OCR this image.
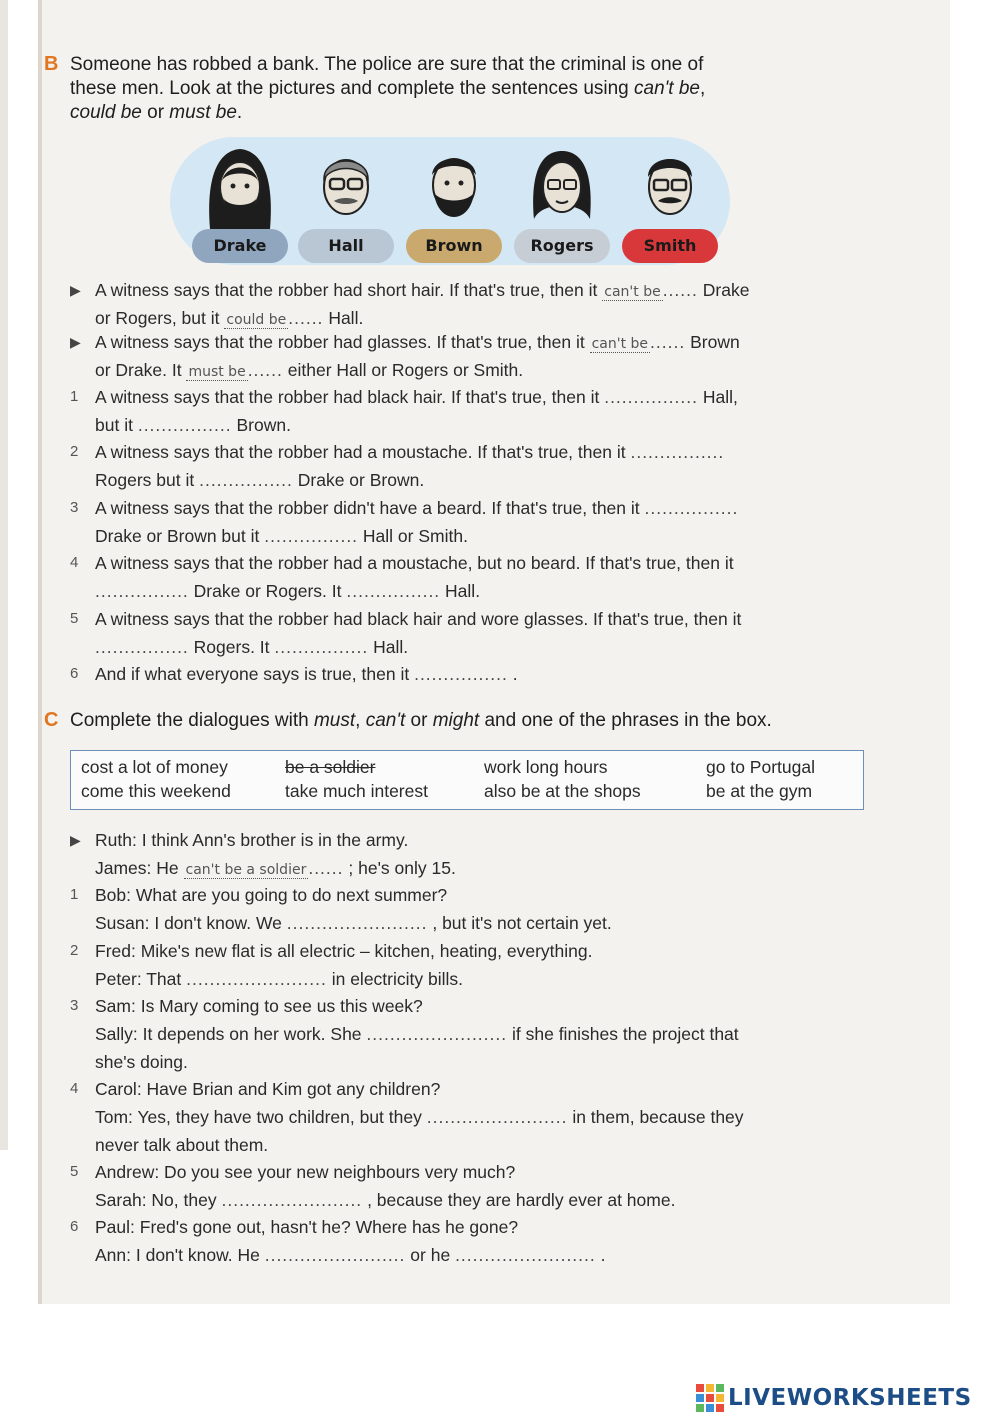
B Someone has robbed a bank. The police are sure that the criminal is one of
these men. Look at the pictures and complete the sentences using can't be,
could be or must be.
Drake	Hall	Brown	Rogers	Smith
▶ A witness says that the robber had short hair. If that's true, then it can't be ...... Drake
or Rogers, but it could be ...... Hall.
▶ A witness says that the robber had glasses. If that's true, then it can't be ...... Brown
or Drake. It must be ...... either Hall or Rogers or Smith.
1 A witness says that the robber had black hair. If that's true, then it ................ Hall,
but it ................ Brown.
2 A witness says that the robber had a moustache. If that's true, then it ................
Rogers but it ................ Drake or Brown.
3 A witness says that the robber didn't have a beard. If that's true, then it ................
Drake or Brown but it ................ Hall or Smith.
4 A witness says that the robber had a moustache, but no beard. If that's true, then it
................ Drake or Rogers. It ................ Hall.
5 A witness says that the robber had black hair and wore glasses. If that's true, then it
................ Rogers. It ................ Hall.
6 And if what everyone says is true, then it ................ .
C Complete the dialogues with must, can't or might and one of the phrases in the box.
cost a lot of money	be a soldier	work long hours	go to Portugal
come this weekend	take much interest	also be at the shops	be at the gym
▶ Ruth: I think Ann's brother is in the army.
James: He can't be a soldier ...... ; he's only 15.
1 Bob: What are you going to do next summer?
Susan: I don't know. We ........................ , but it's not certain yet.
2 Fred: Mike's new flat is all electric – kitchen, heating, everything.
Peter: That ........................ in electricity bills.
3 Sam: Is Mary coming to see us this week?
Sally: It depends on her work. She ........................ if she finishes the project that
she's doing.
4 Carol: Have Brian and Kim got any children?
Tom: Yes, they have two children, but they ........................ in them, because they
never talk about them.
5 Andrew: Do you see your new neighbours very much?
Sarah: No, they ........................ , because they are hardly ever at home.
6 Paul: Fred's gone out, hasn't he? Where has he gone?
Ann: I don't know. He ........................ or he ........................ .
LIVEWORKSHEETS
